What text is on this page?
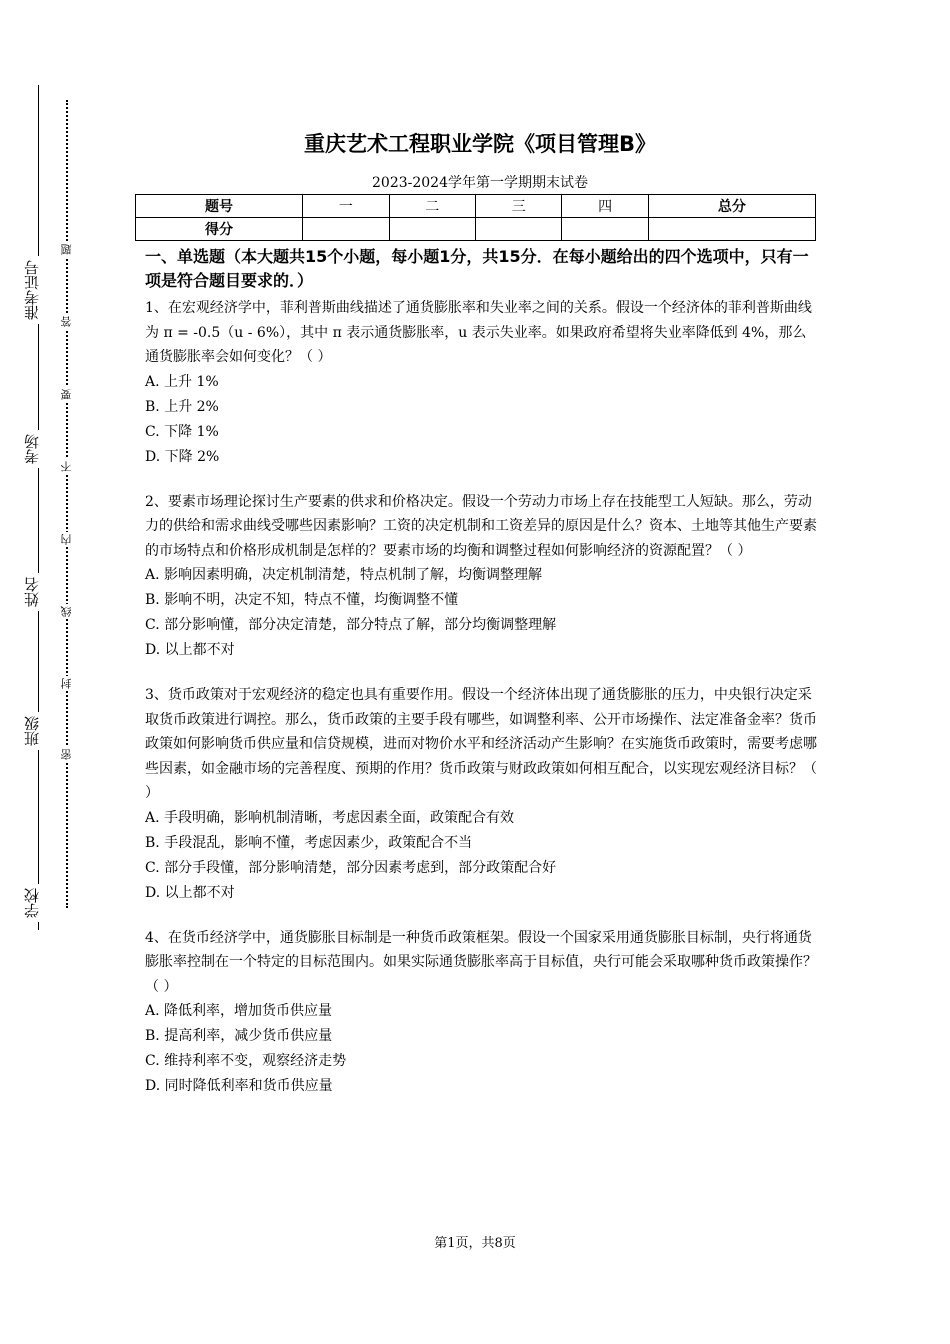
准考证号
考场
姓名
班级
学校
题
答
要
不
内
线
封
密
重庆艺术工程职业学院《项目管理B》
2023-2024学年第一学期期末试卷
题号	一	二	三	四	总分
得分					
一、单选题（本大题共15个小题，每小题1分，共15分．在每小题给出的四个选项中，只有一项是符合题目要求的．）

1、在宏观经济学中，菲利普斯曲线描述了通货膨胀率和失业率之间的关系。假设一个经济体的菲利普斯曲线为 π = -0.5（u - 6%），其中 π 表示通货膨胀率，u 表示失业率。如果政府希望将失业率降低到 4%，那么通货膨胀率会如何变化？（ ）

A. 上升 1%

B. 上升 2%

C. 下降 1%

D. 下降 2%

2、要素市场理论探讨生产要素的供求和价格决定。假设一个劳动力市场上存在技能型工人短缺。那么，劳动力的供给和需求曲线受哪些因素影响？工资的决定机制和工资差异的原因是什么？资本、土地等其他生产要素的市场特点和价格形成机制是怎样的？要素市场的均衡和调整过程如何影响经济的资源配置？（ ）

A. 影响因素明确，决定机制清楚，特点机制了解，均衡调整理解

B. 影响不明，决定不知，特点不懂，均衡调整不懂

C. 部分影响懂，部分决定清楚，部分特点了解，部分均衡调整理解

D. 以上都不对

3、货币政策对于宏观经济的稳定也具有重要作用。假设一个经济体出现了通货膨胀的压力，中央银行决定采取货币政策进行调控。那么，货币政策的主要手段有哪些，如调整利率、公开市场操作、法定准备金率？货币政策如何影响货币供应量和信贷规模，进而对物价水平和经济活动产生影响？在实施货币政策时，需要考虑哪些因素，如金融市场的完善程度、预期的作用？货币政策与财政政策如何相互配合，以实现宏观经济目标？（ ）

A. 手段明确，影响机制清晰，考虑因素全面，政策配合有效

B. 手段混乱，影响不懂，考虑因素少，政策配合不当

C. 部分手段懂，部分影响清楚，部分因素考虑到，部分政策配合好

D. 以上都不对

4、在货币经济学中，通货膨胀目标制是一种货币政策框架。假设一个国家采用通货膨胀目标制，央行将通货膨胀率控制在一个特定的目标范围内。如果实际通货膨胀率高于目标值，央行可能会采取哪种货币政策操作？（ ）

A. 降低利率，增加货币供应量

B. 提高利率，减少货币供应量

C. 维持利率不变，观察经济走势

D. 同时降低利率和货币供应量

第1页，共8页
